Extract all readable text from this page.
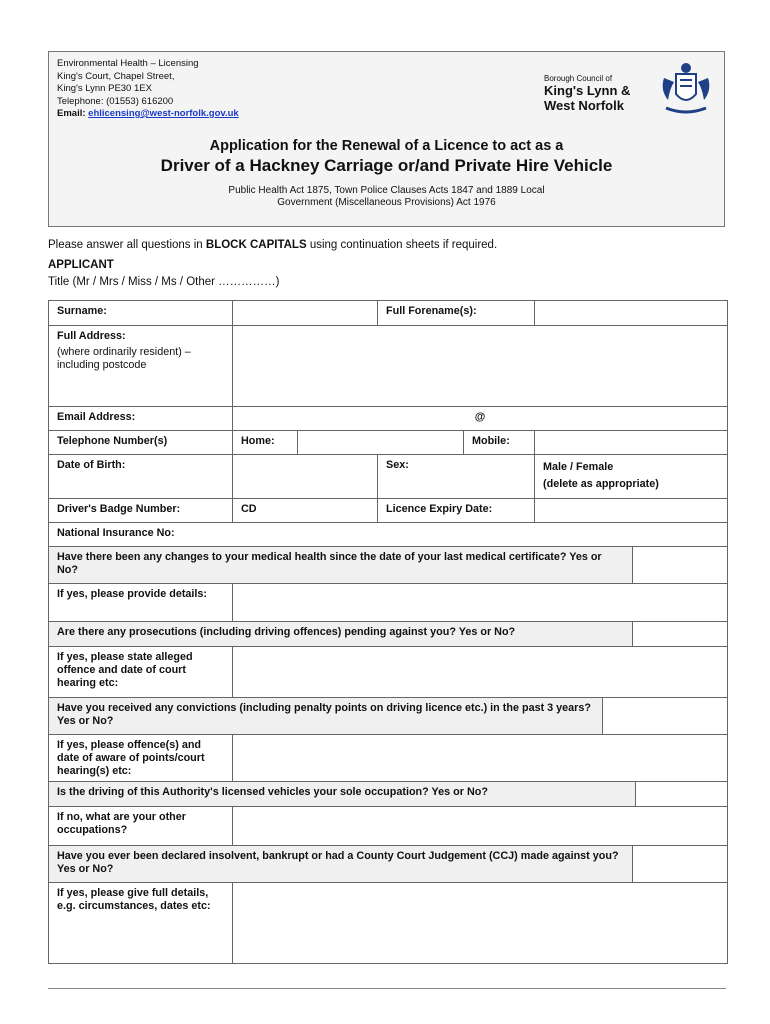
Environmental Health – Licensing
King's Court, Chapel Street,
King's Lynn PE30 1EX
Telephone: (01553) 616200
Email: ehlicensing@west-norfolk.gov.uk
Borough Council of
King's Lynn &
West Norfolk
Application for the Renewal of a Licence to act as a
Driver of a Hackney Carriage or/and Private Hire Vehicle
Public Health Act 1875, Town Police Clauses Acts 1847 and 1889 Local
Government (Miscellaneous Provisions) Act 1976
Please answer all questions in BLOCK CAPITALS using continuation sheets if required.
APPLICANT
Title (Mr / Mrs / Miss / Ms / Other ……………)
Surname:	Full Forename(s):
Full Address:
(where ordinarily resident) – including postcode
Email Address:	@
Telephone Number(s)	Home:	Mobile:
Date of Birth:	Sex:	Male / Female
(delete as appropriate)
Driver's Badge Number:	CD	Licence Expiry Date:
National Insurance No:
Have there been any changes to your medical health since the date of your last medical certificate? Yes or No?
If yes, please provide details:
Are there any prosecutions (including driving offences) pending against you? Yes or No?
If yes, please state alleged offence and date of court hearing etc:
Have you received any convictions (including penalty points on driving licence etc.) in the past 3 years? Yes or No?
If yes, please offence(s) and date of aware of points/court hearing(s) etc:
Is the driving of this Authority's licensed vehicles your sole occupation? Yes or No?
If no, what are your other occupations?
Have you ever been declared insolvent, bankrupt or had a County Court Judgement (CCJ) made against you? Yes or No?
If yes, please give full details, e.g. circumstances, dates etc:
